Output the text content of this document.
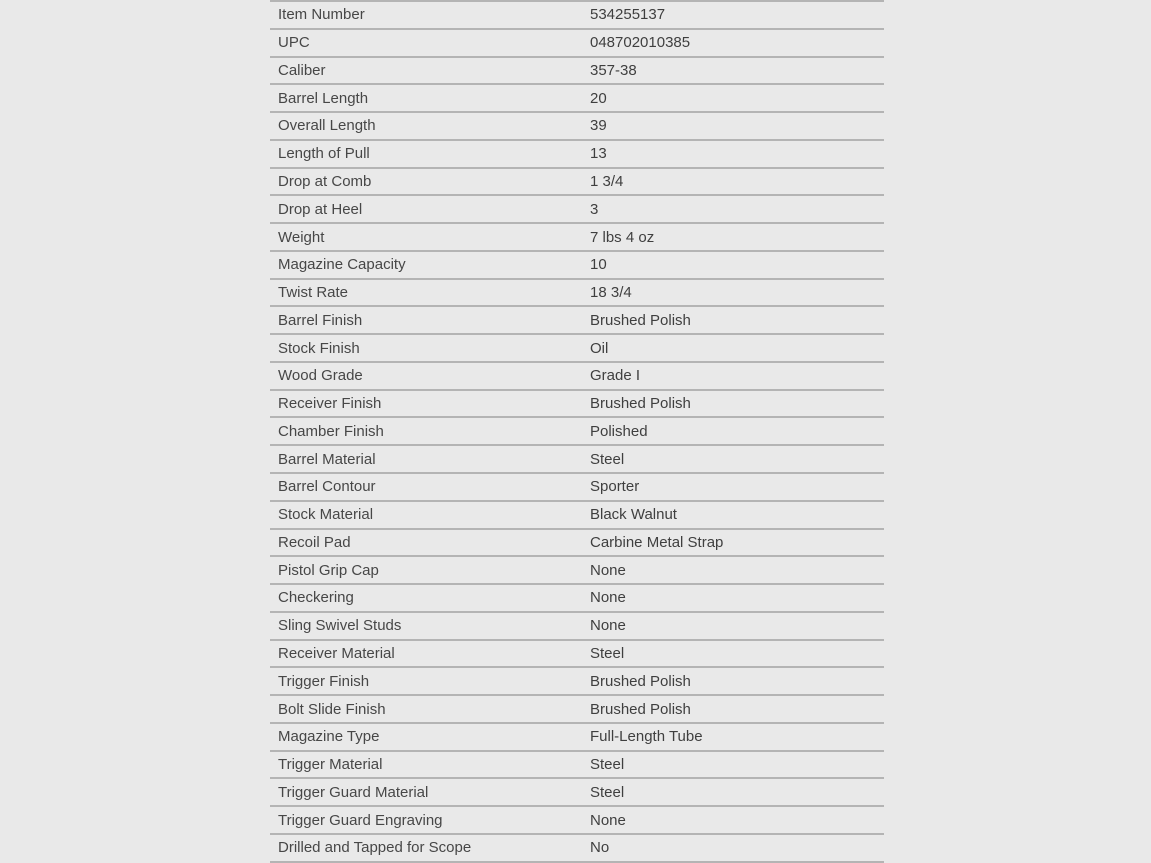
Item Number	534255137
UPC	048702010385
Caliber	357-38
Barrel Length	20
Overall Length	39
Length of Pull	13
Drop at Comb	1 3/4
Drop at Heel	3
Weight	7 lbs 4 oz
Magazine Capacity	10
Twist Rate	18 3/4
Barrel Finish	Brushed Polish
Stock Finish	Oil
Wood Grade	Grade I
Receiver Finish	Brushed Polish
Chamber Finish	Polished
Barrel Material	Steel
Barrel Contour	Sporter
Stock Material	Black Walnut
Recoil Pad	Carbine Metal Strap
Pistol Grip Cap	None
Checkering	None
Sling Swivel Studs	None
Receiver Material	Steel
Trigger Finish	Brushed Polish
Bolt Slide Finish	Brushed Polish
Magazine Type	Full-Length Tube
Trigger Material	Steel
Trigger Guard Material	Steel
Trigger Guard Engraving	None
Drilled and Tapped for Scope	No
